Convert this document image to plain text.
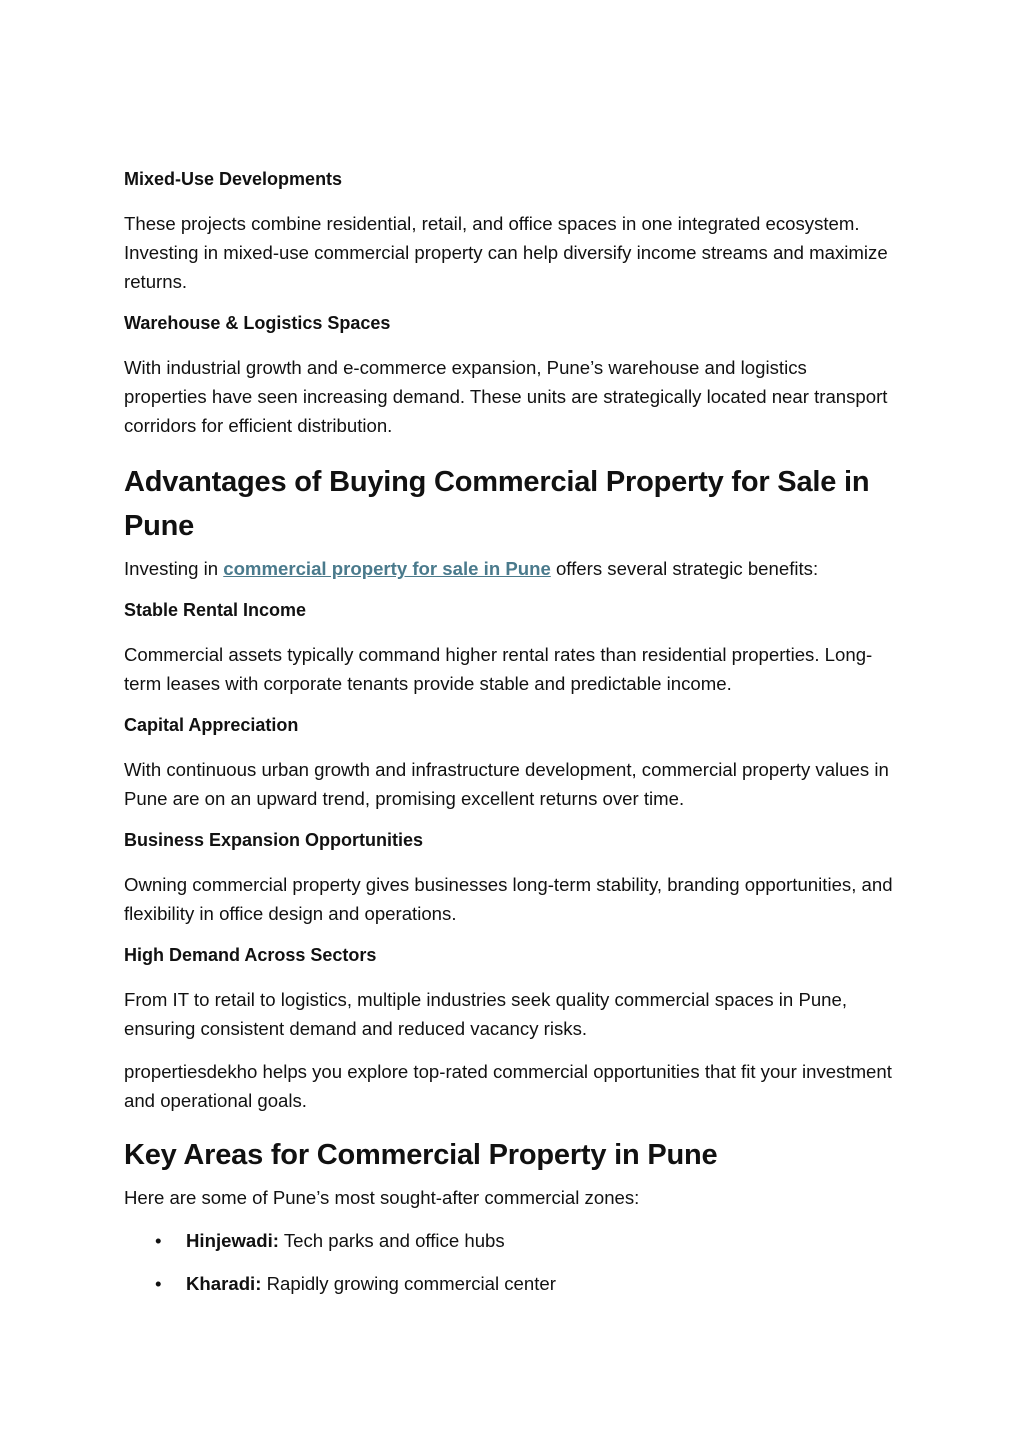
Mixed-Use Developments
These projects combine residential, retail, and office spaces in one integrated ecosystem. Investing in mixed-use commercial property can help diversify income streams and maximize returns.
Warehouse & Logistics Spaces
With industrial growth and e-commerce expansion, Pune’s warehouse and logistics properties have seen increasing demand. These units are strategically located near transport corridors for efficient distribution.
Advantages of Buying Commercial Property for Sale in Pune
Investing in commercial property for sale in Pune offers several strategic benefits:
Stable Rental Income
Commercial assets typically command higher rental rates than residential properties. Long-term leases with corporate tenants provide stable and predictable income.
Capital Appreciation
With continuous urban growth and infrastructure development, commercial property values in Pune are on an upward trend, promising excellent returns over time.
Business Expansion Opportunities
Owning commercial property gives businesses long-term stability, branding opportunities, and flexibility in office design and operations.
High Demand Across Sectors
From IT to retail to logistics, multiple industries seek quality commercial spaces in Pune, ensuring consistent demand and reduced vacancy risks.
propertiesdekho helps you explore top-rated commercial opportunities that fit your investment and operational goals.
Key Areas for Commercial Property in Pune
Here are some of Pune’s most sought-after commercial zones:
• Hinjewadi: Tech parks and office hubs
• Kharadi: Rapidly growing commercial center
